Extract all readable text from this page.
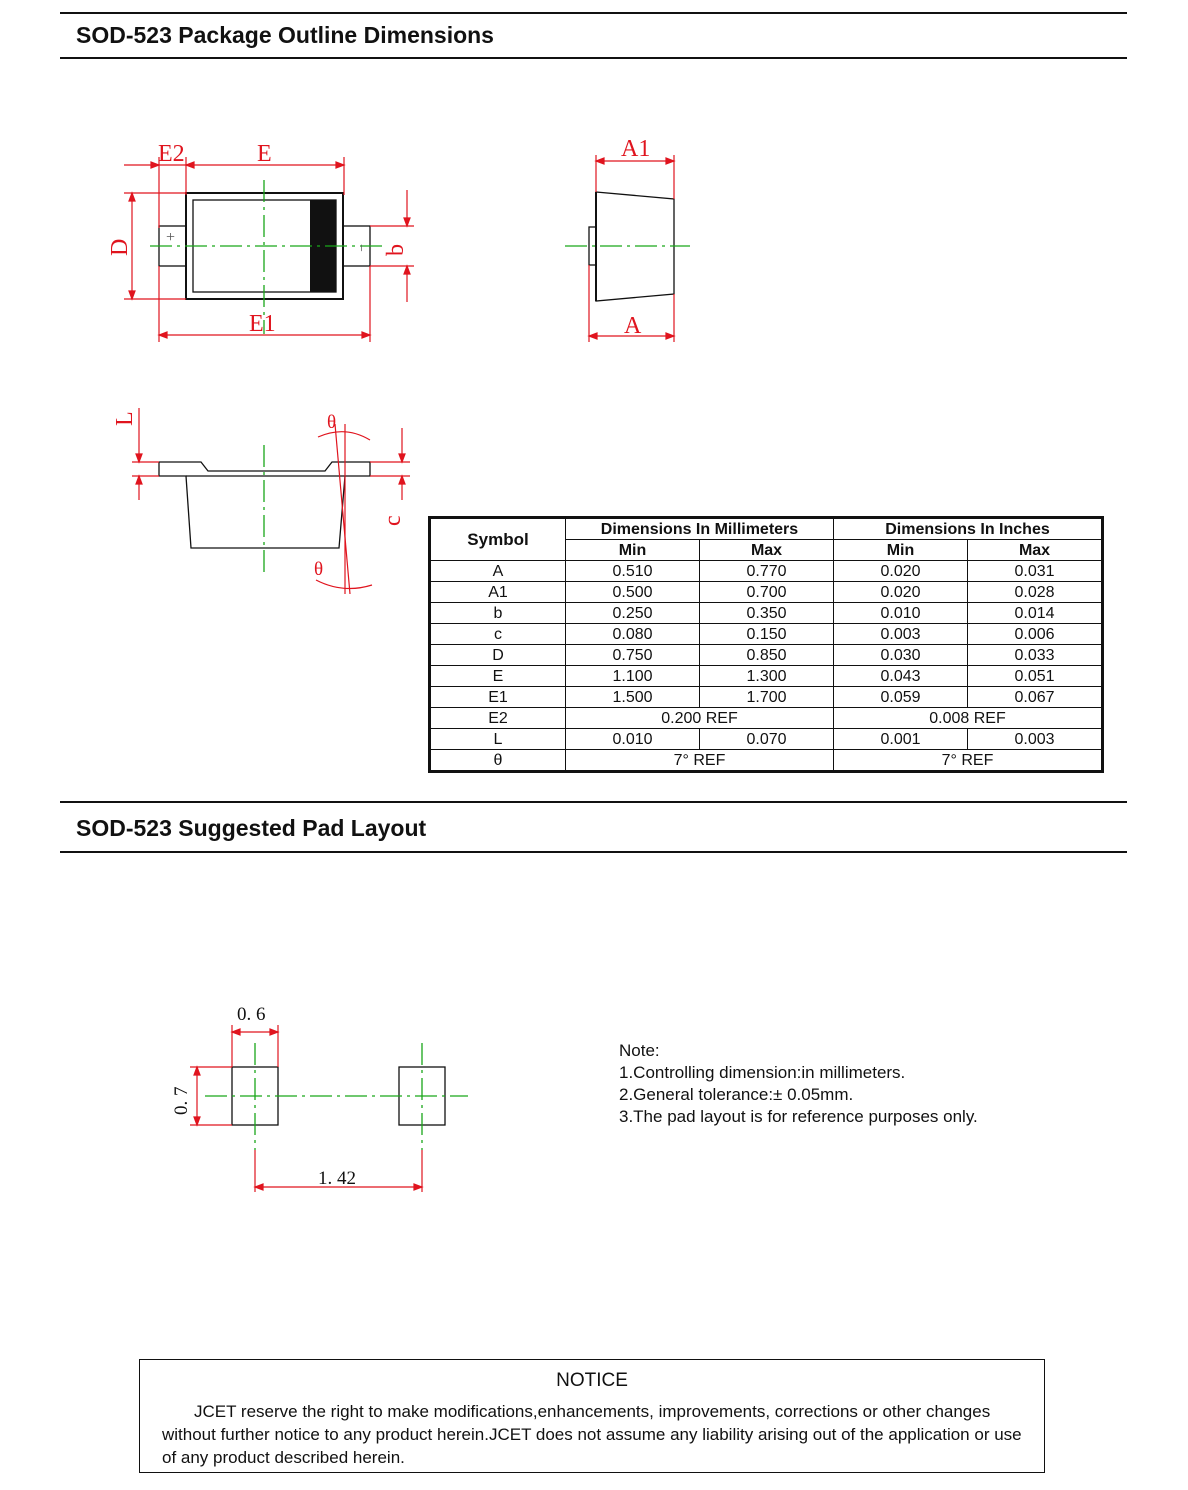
SOD-523 Package Outline Dimensions
E2	E
D	b
E1
+
−
A1
A
L	θ
θ
c
Symbol	Dimensions In Millimeters		Dimensions In Inches	
	Min	Max	Min	Max
A	0.510	0.770	0.020	0.031
A1	0.500	0.700	0.020	0.028
b	0.250	0.350	0.010	0.014
c	0.080	0.150	0.003	0.006
D	0.750	0.850	0.030	0.033
E	1.100	1.300	0.043	0.051
E1	1.500	1.700	0.059	0.067
E2	0.200 REF		0.008 REF	
L	0.010	0.070	0.001	0.003
θ	7° REF		7° REF	
SOD-523 Suggested Pad Layout
0. 6
0. 7
1. 42
Note:
1.Controlling dimension:in millimeters.
2.General tolerance:± 0.05mm.
3.The pad layout is for reference purposes only.
NOTICE
JCET reserve the right to make modifications,enhancements, improvements, corrections or other changes without further notice to any product herein.JCET does not assume any liability arising out of the application or use of any product described herein.
